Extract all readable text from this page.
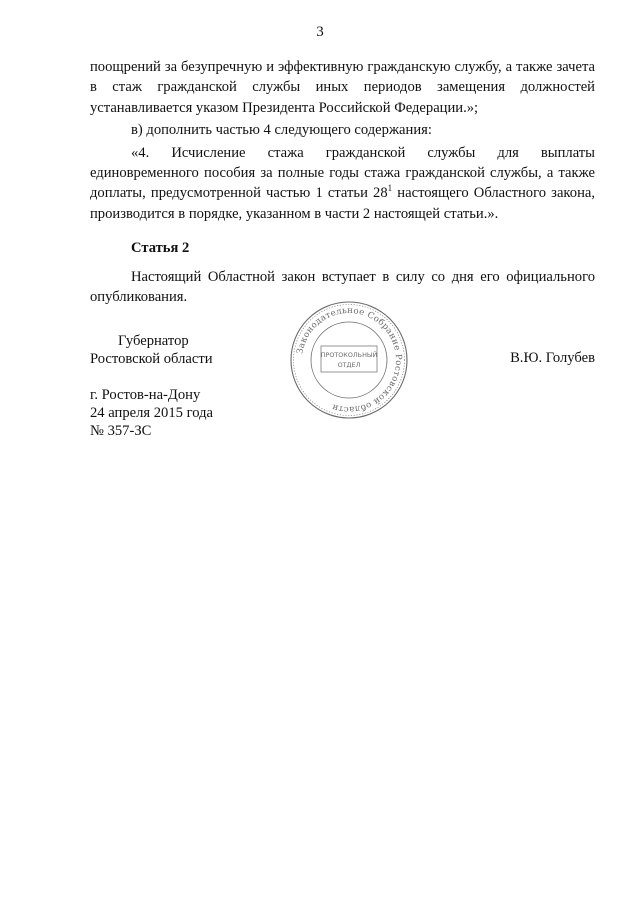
3

поощрений за безупречную и эффективную гражданскую службу, а также зачета в стаж гражданской службы иных периодов замещения должностей устанавливается указом Президента Российской Федерации.»;

в) дополнить частью 4 следующего содержания:

«4. Исчисление стажа гражданской службы для выплаты единовременного пособия за полные годы стажа гражданской службы, а также доплаты, предусмотренной частью 1 статьи $28^1$ настоящего Областного закона, производится в порядке, указанном в части 2 настоящей статьи.».

Статья 2

Настоящий Областной закон вступает в силу со дня его официального опубликования.

Губернатор
Ростовской области
г. Ростов-на-Дону
24 апреля 2015 года
№ 357-ЗС
В.Ю. Голубев
Законодательное Собрание Ростовской области
ПРОТОКОЛЬНЫЙ
ОТДЕЛ
